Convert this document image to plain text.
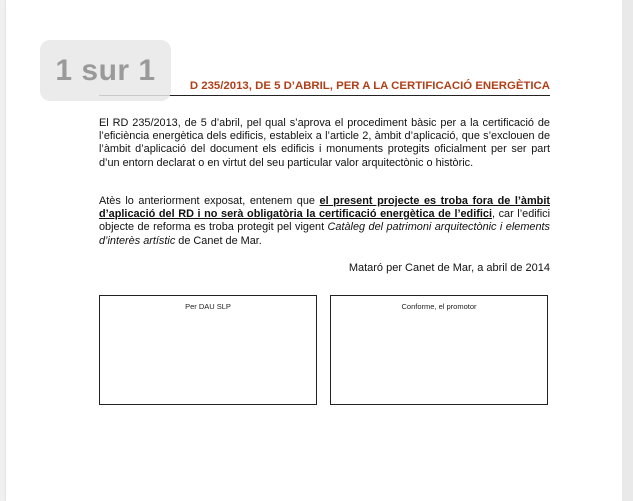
D 235/2013, DE 5 D’ABRIL, PER A LA CERTIFICACIÓ ENERGÈTICA

El RD 235/2013, de 5 d’abril, pel qual s’aprova el procediment bàsic per a la certificació de l’eficiència energètica dels edificis, estableix a l’article 2, àmbit d’aplicació, que s’exclouen de l’àmbit d’aplicació del document els edificis i monuments protegits oficialment per ser part d’un entorn declarat o en virtut del seu particular valor arquitectònic o històric.

Atès lo anteriorment exposat, entenem que el present projecte es troba fora de l’àmbit d’aplicació del RD i no serà obligatòria la certificació energètica de l’edifici, car l’edifici objecte de reforma es troba protegit pel vigent Catàleg del patrimoni arquitectònic i elements d’interès artístic de Canet de Mar.

Mataró per Canet de Mar, a abril de 2014
Per DAU SLP	Conforme, el promotor
1 sur 1
